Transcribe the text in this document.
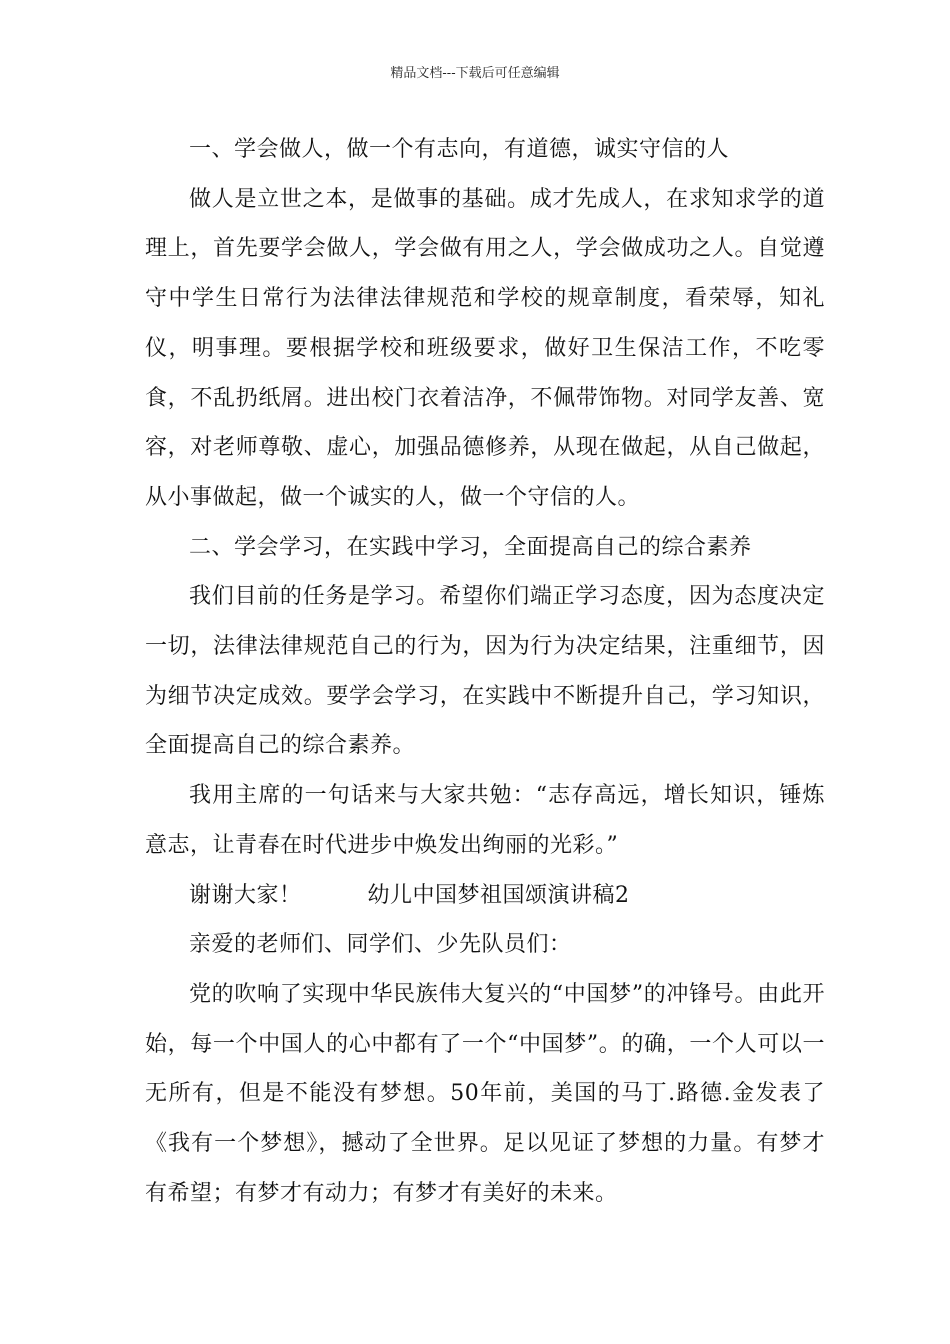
精品文档---下载后可任意编辑

一、学会做人，做一个有志向，有道德，诚实守信的人

做人是立世之本，是做事的基础。成才先成人，在求知求学的道理上，首先要学会做人，学会做有用之人，学会做成功之人。自觉遵守中学生日常行为法律法律规范和学校的规章制度，看荣辱，知礼仪，明事理。要根据学校和班级要求，做好卫生保洁工作，不吃零食，不乱扔纸屑。进出校门衣着洁净，不佩带饰物。对同学友善、宽容，对老师尊敬、虚心，加强品德修养，从现在做起，从自己做起，从小事做起，做一个诚实的人，做一个守信的人。

二、学会学习，在实践中学习，全面提高自己的综合素养

我们目前的任务是学习。希望你们端正学习态度，因为态度决定一切，法律法律规范自己的行为，因为行为决定结果，注重细节，因为细节决定成效。要学会学习，在实践中不断提升自己，学习知识，全面提高自己的综合素养。

我用主席的一句话来与大家共勉：“志存高远，增长知识，锤炼意志，让青春在时代进步中焕发出绚丽的光彩。”

谢谢大家！	幼儿中国梦祖国颂演讲稿2

亲爱的老师们、同学们、少先队员们：

党的吹响了实现中华民族伟大复兴的“中国梦”的冲锋号。由此开始，每一个中国人的心中都有了一个“中国梦”。的确，一个人可以一无所有，但是不能没有梦想。50年前，美国的马丁.路德.金发表了《我有一个梦想》，撼动了全世界。足以见证了梦想的力量。有梦才有希望；有梦才有动力；有梦才有美好的未来。
